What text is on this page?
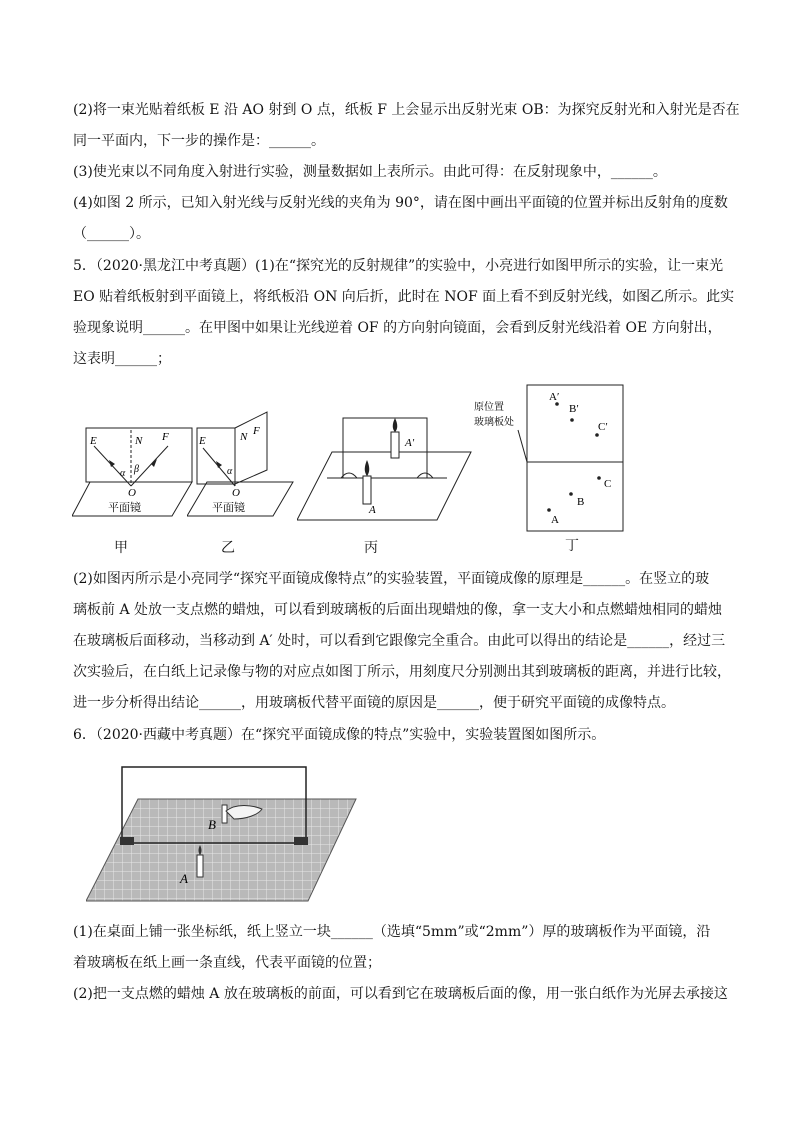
(2)将一束光贴着纸板 E 沿 AO 射到 O 点，纸板 F 上会显示出反射光束 OB：为探究反射光和入射光是否在
同一平面内，下一步的操作是：______。
(3)使光束以不同角度入射进行实验，测量数据如上表所示。由此可得：在反射现象中，______。
(4)如图 2 所示，已知入射光线与反射光线的夹角为 90°，请在图中画出平面镜的位置并标出反射角的度数
（______）。
5．（2020·黑龙江中考真题）(1)在“探究光的反射规律”的实验中，小亮进行如图甲所示的实验，让一束光
EO 贴着纸板射到平面镜上，将纸板沿 ON 向后折，此时在 NOF 面上看不到反射光线，如图乙所示。此实
验现象说明______。在甲图中如果让光线逆着 OF 的方向射向镜面，会看到反射光线沿着 OE 方向射出，
这表明______；
E	N F
α β
O
平面镜
甲
E	N F
α
O
平面镜
乙
A′
A
丙
原位置
玻璃板处
A′
B′
C′
C
B
A
丁
(2)如图丙所示是小亮同学“探究平面镜成像特点”的实验装置，平面镜成像的原理是______。在竖立的玻
璃板前 A 处放一支点燃的蜡烛，可以看到玻璃板的后面出现蜡烛的像，拿一支大小和点燃蜡烛相同的蜡烛
在玻璃板后面移动，当移动到 A′ 处时，可以看到它跟像完全重合。由此可以得出的结论是______，经过三
次实验后，在白纸上记录像与物的对应点如图丁所示，用刻度尺分别测出其到玻璃板的距离，并进行比较，
进一步分析得出结论______，用玻璃板代替平面镜的原因是______，便于研究平面镜的成像特点。
6．（2020·西藏中考真题）在“探究平面镜成像的特点”实验中，实验装置图如图所示。
B
A
(1)在桌面上铺一张坐标纸，纸上竖立一块______（选填“5mm”或“2mm”）厚的玻璃板作为平面镜，沿
着玻璃板在纸上画一条直线，代表平面镜的位置；
(2)把一支点燃的蜡烛 A 放在玻璃板的前面，可以看到它在玻璃板后面的像，用一张白纸作为光屏去承接这
